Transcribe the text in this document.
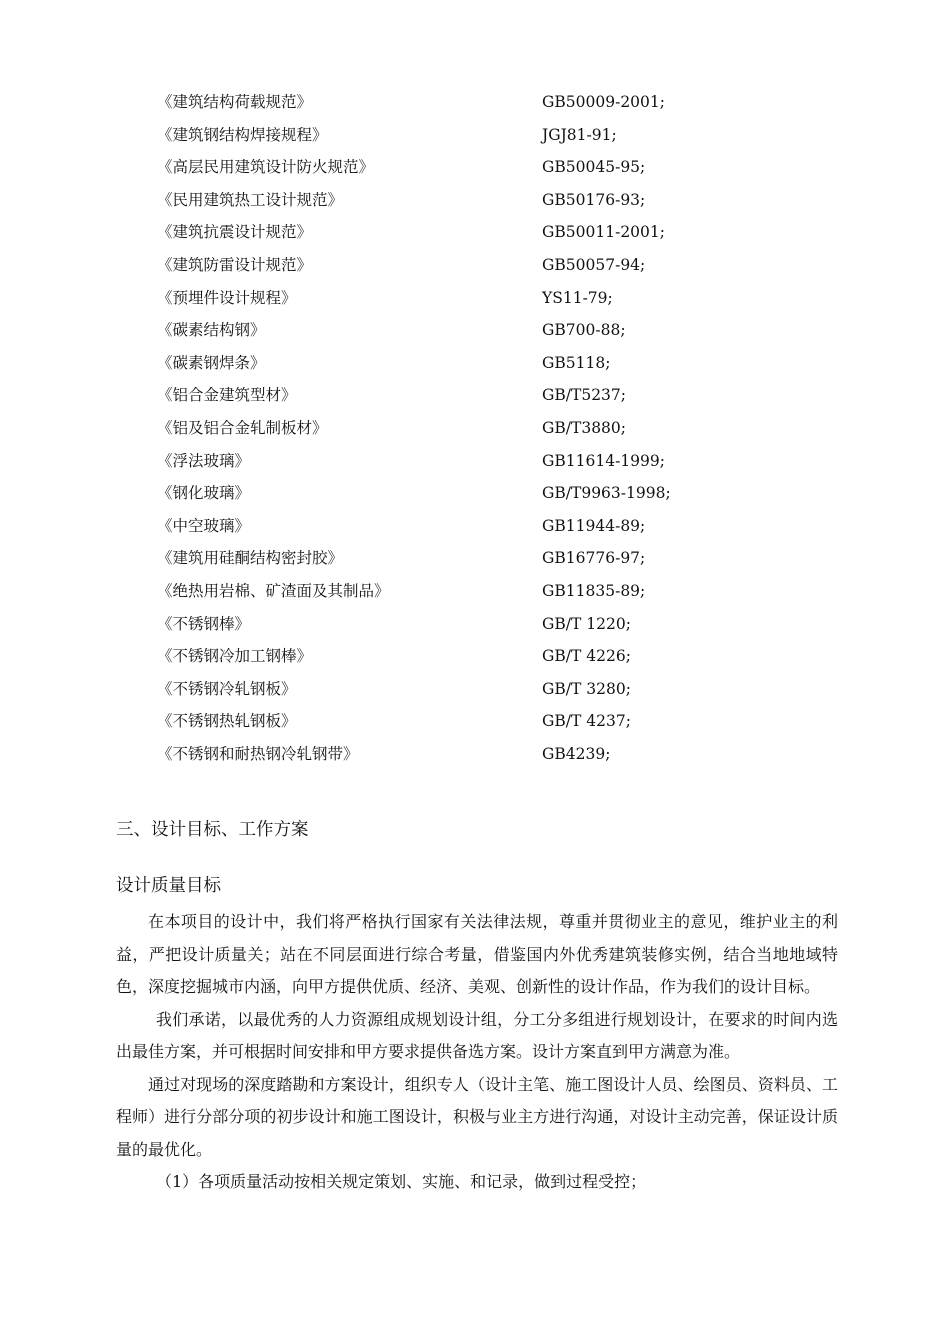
《建筑结构荷载规范》	GB50009-2001;
《建筑钢结构焊接规程》	JGJ81-91;
《高层民用建筑设计防火规范》	GB50045-95;
《民用建筑热工设计规范》	GB50176-93;
《建筑抗震设计规范》	GB50011-2001;
《建筑防雷设计规范》	GB50057-94;
《预埋件设计规程》	YS11-79;
《碳素结构钢》	GB700-88;
《碳素钢焊条》	GB5118;
《铝合金建筑型材》	GB/T5237;
《铝及铝合金轧制板材》	GB/T3880;
《浮法玻璃》	GB11614-1999;
《钢化玻璃》	GB/T9963-1998;
《中空玻璃》	GB11944-89;
《建筑用硅酮结构密封胶》	GB16776-97;
《绝热用岩棉、矿渣面及其制品》	GB11835-89;
《不锈钢棒》	GB/T 1220;
《不锈钢冷加工钢棒》	GB/T 4226;
《不锈钢冷轧钢板》	GB/T 3280;
《不锈钢热轧钢板》	GB/T 4237;
《不锈钢和耐热钢冷轧钢带》	GB4239;
三、设计目标、工作方案
设计质量目标

在本项目的设计中，我们将严格执行国家有关法律法规，尊重并贯彻业主的意见，维护业主的利益，严把设计质量关；站在不同层面进行综合考量，借鉴国内外优秀建筑装修实例，结合当地地域特色，深度挖掘城市内涵，向甲方提供优质、经济、美观、创新性的设计作品，作为我们的设计目标。

我们承诺，以最优秀的人力资源组成规划设计组，分工分多组进行规划设计，在要求的时间内选出最佳方案，并可根据时间安排和甲方要求提供备选方案。设计方案直到甲方满意为准。

通过对现场的深度踏勘和方案设计，组织专人（设计主笔、施工图设计人员、绘图员、资料员、工程师）进行分部分项的初步设计和施工图设计，积极与业主方进行沟通，对设计主动完善，保证设计质量的最优化。

（1）各项质量活动按相关规定策划、实施、和记录，做到过程受控；
